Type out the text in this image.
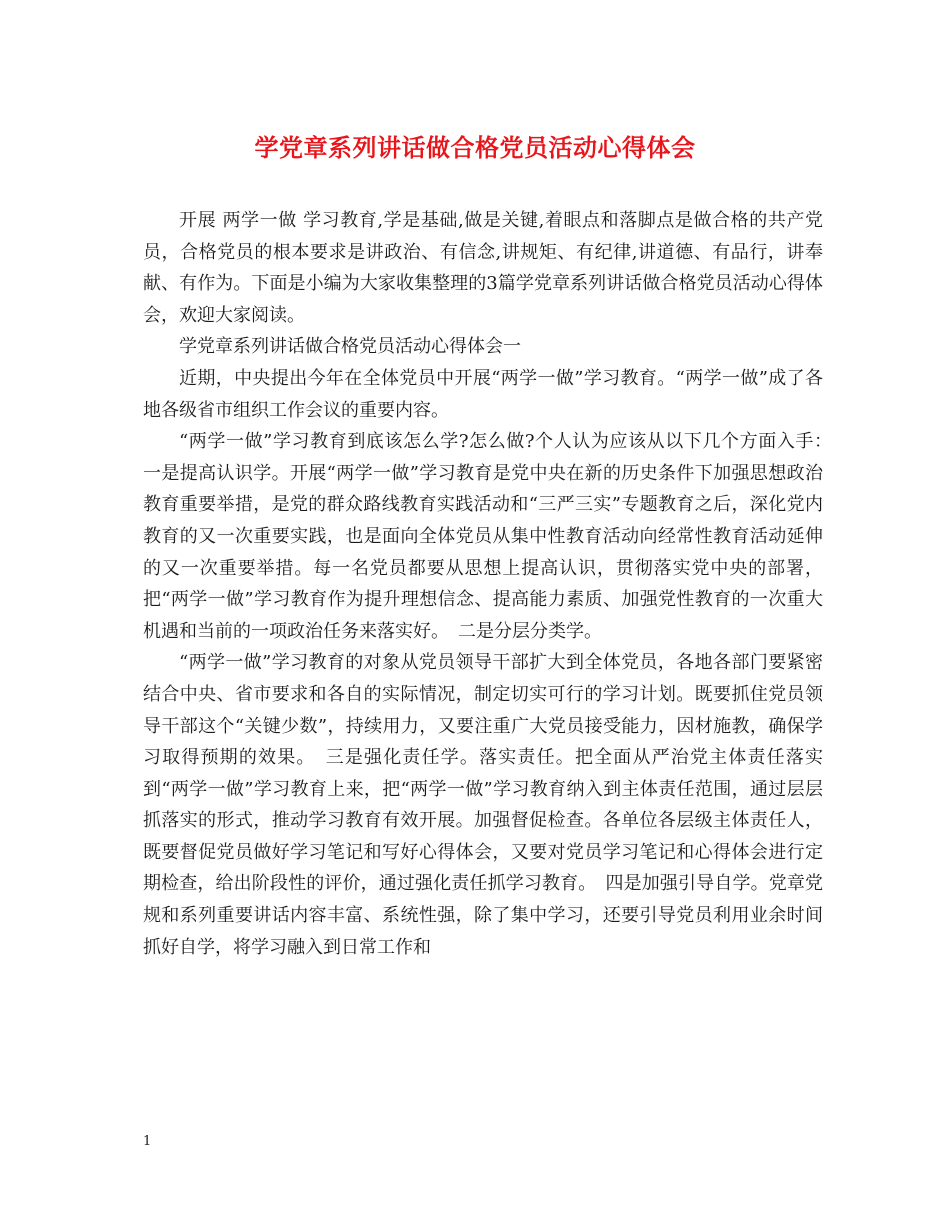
学党章系列讲话做合格党员活动心得体会

开展 两学一做 学习教育,学是基础,做是关键,着眼点和落脚点是做合格的共产党员，合格党员的根本要求是讲政治、有信念,讲规矩、有纪律,讲道德、有品行，讲奉献、有作为。下面是小编为大家收集整理的3篇学党章系列讲话做合格党员活动心得体会，欢迎大家阅读。

学党章系列讲话做合格党员活动心得体会一

近期，中央提出今年在全体党员中开展“两学一做”学习教育。“两学一做”成了各地各级省市组织工作会议的重要内容。

“两学一做”学习教育到底该怎么学?怎么做?个人认为应该从以下几个方面入手：　一是提高认识学。开展“两学一做”学习教育是党中央在新的历史条件下加强思想政治教育重要举措，是党的群众路线教育实践活动和“三严三实”专题教育之后，深化党内教育的又一次重要实践，也是面向全体党员从集中性教育活动向经常性教育活动延伸的又一次重要举措。每一名党员都要从思想上提高认识，贯彻落实党中央的部署，把“两学一做”学习教育作为提升理想信念、提高能力素质、加强党性教育的一次重大机遇和当前的一项政治任务来落实好。　二是分层分类学。

“两学一做”学习教育的对象从党员领导干部扩大到全体党员，各地各部门要紧密结合中央、省市要求和各自的实际情况，制定切实可行的学习计划。既要抓住党员领导干部这个“关键少数”，持续用力，又要注重广大党员接受能力，因材施教，确保学习取得预期的效果。　三是强化责任学。落实责任。把全面从严治党主体责任落实到“两学一做”学习教育上来，把“两学一做”学习教育纳入到主体责任范围，通过层层抓落实的形式，推动学习教育有效开展。加强督促检查。各单位各层级主体责任人，既要督促党员做好学习笔记和写好心得体会，又要对党员学习笔记和心得体会进行定期检查，给出阶段性的评价，通过强化责任抓学习教育。　四是加强引导自学。党章党规和系列重要讲话内容丰富、系统性强，除了集中学习，还要引导党员利用业余时间抓好自学，将学习融入到日常工作和

1
